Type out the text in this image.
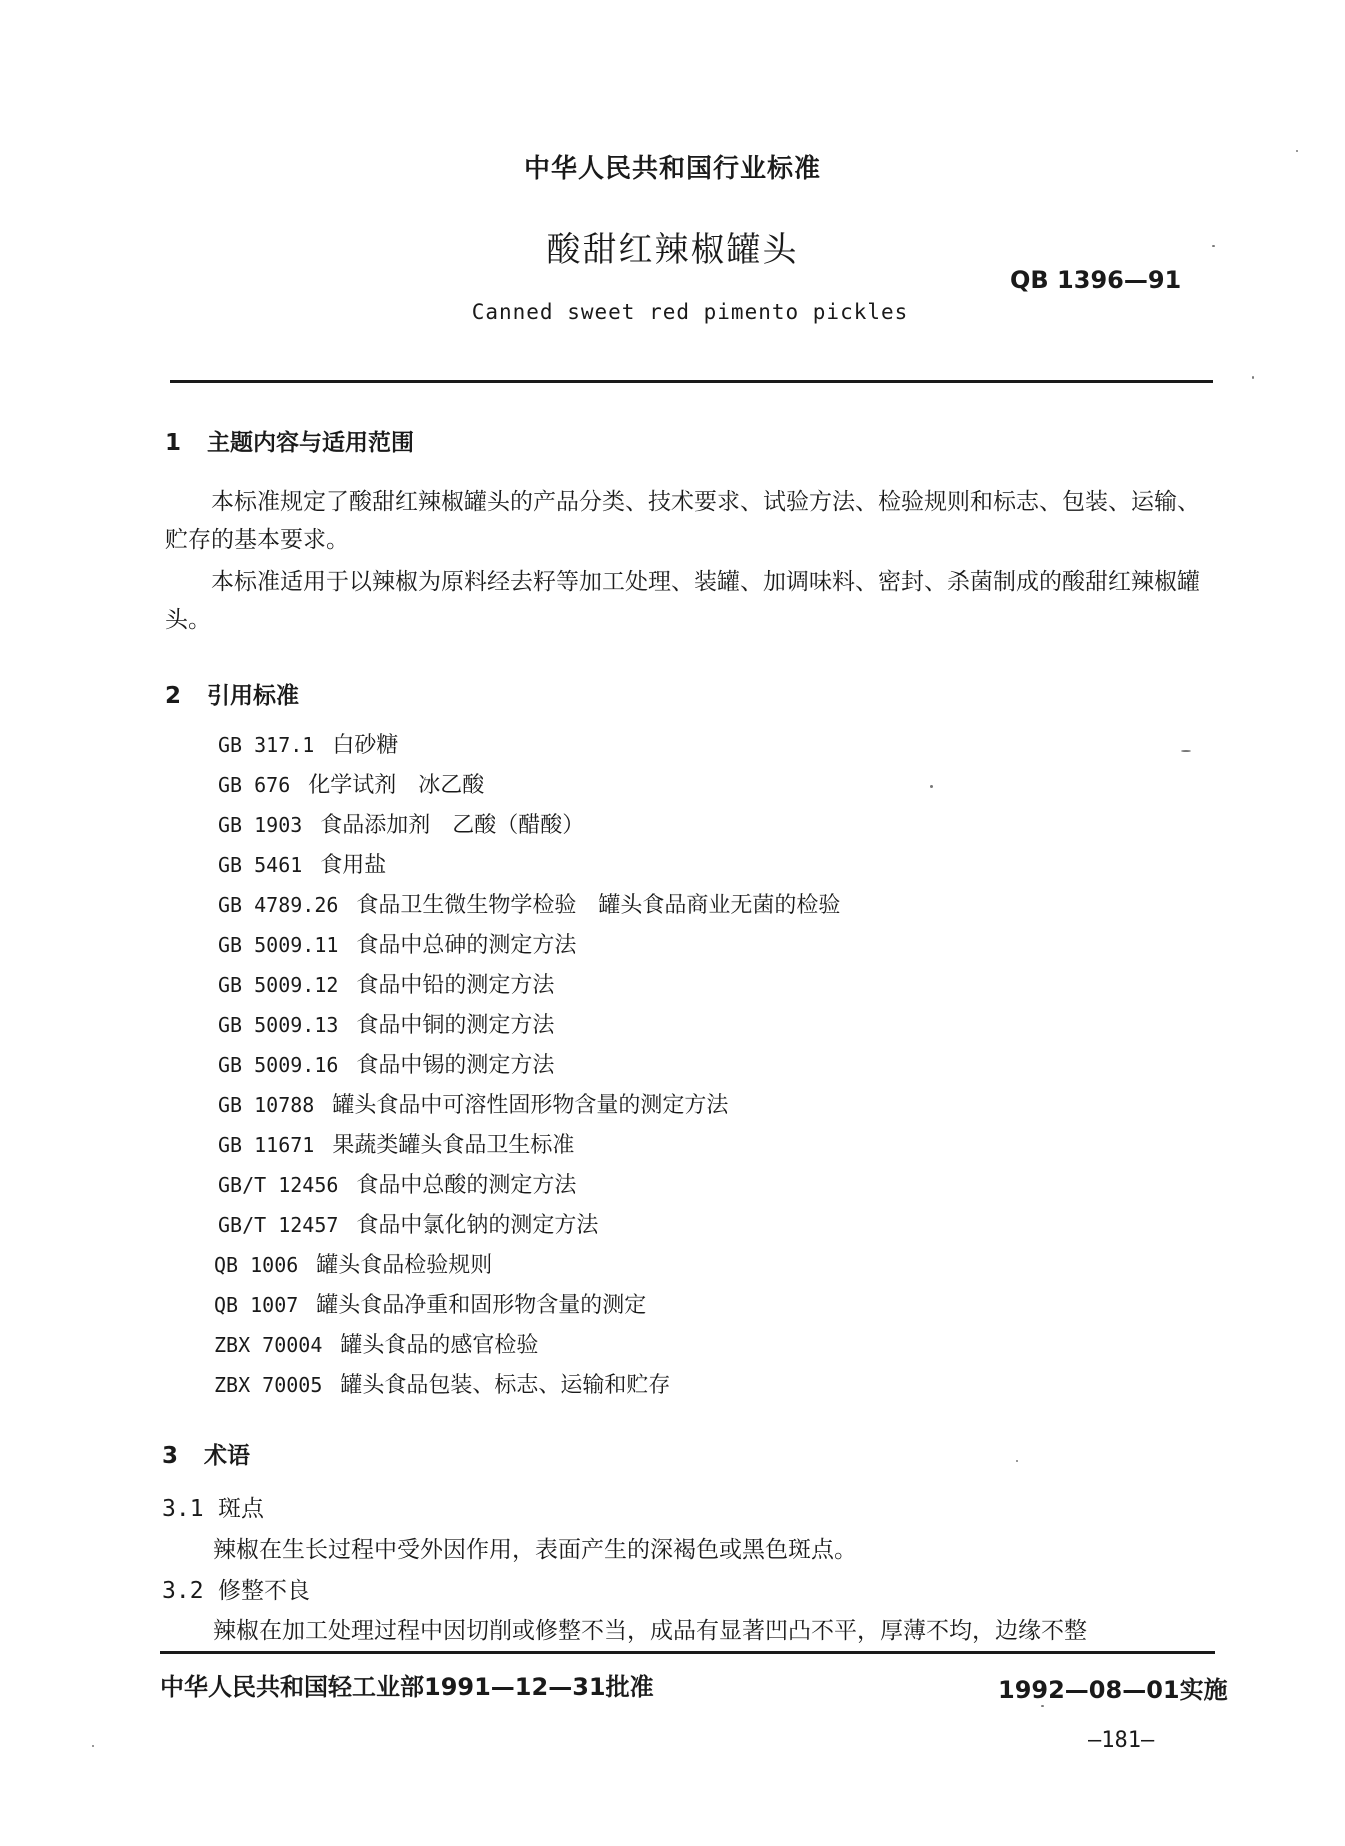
中华人民共和国行业标准
酸甜红辣椒罐头
QB 1396—91
Canned sweet red pimento pickles
1 主题内容与适用范围
本标准规定了酸甜红辣椒罐头的产品分类、技术要求、试验方法、检验规则和标志、包装、运输、贮存的基本要求。
本标准适用于以辣椒为原料经去籽等加工处理、装罐、加调味料、密封、杀菌制成的酸甜红辣椒罐头。
2 引用标准
GB 317.1 白砂糖
GB 676 化学试剂　冰乙酸
GB 1903 食品添加剂　乙酸（醋酸）
GB 5461 食用盐
GB 4789.26 食品卫生微生物学检验　罐头食品商业无菌的检验
GB 5009.11 食品中总砷的测定方法
GB 5009.12 食品中铅的测定方法
GB 5009.13 食品中铜的测定方法
GB 5009.16 食品中锡的测定方法
GB 10788 罐头食品中可溶性固形物含量的测定方法
GB 11671 果蔬类罐头食品卫生标准
GB/T 12456 食品中总酸的测定方法
GB/T 12457 食品中氯化钠的测定方法
QB 1006 罐头食品检验规则
QB 1007 罐头食品净重和固形物含量的测定
ZBX 70004 罐头食品的感官检验
ZBX 70005 罐头食品包装、标志、运输和贮存
3 术语
3.1 斑点
辣椒在生长过程中受外因作用，表面产生的深褐色或黑色斑点。
3.2 修整不良
辣椒在加工处理过程中因切削或修整不当，成品有显著凹凸不平，厚薄不均，边缘不整
中华人民共和国轻工业部1991—12—31批准	1992—08—01实施
—181—
